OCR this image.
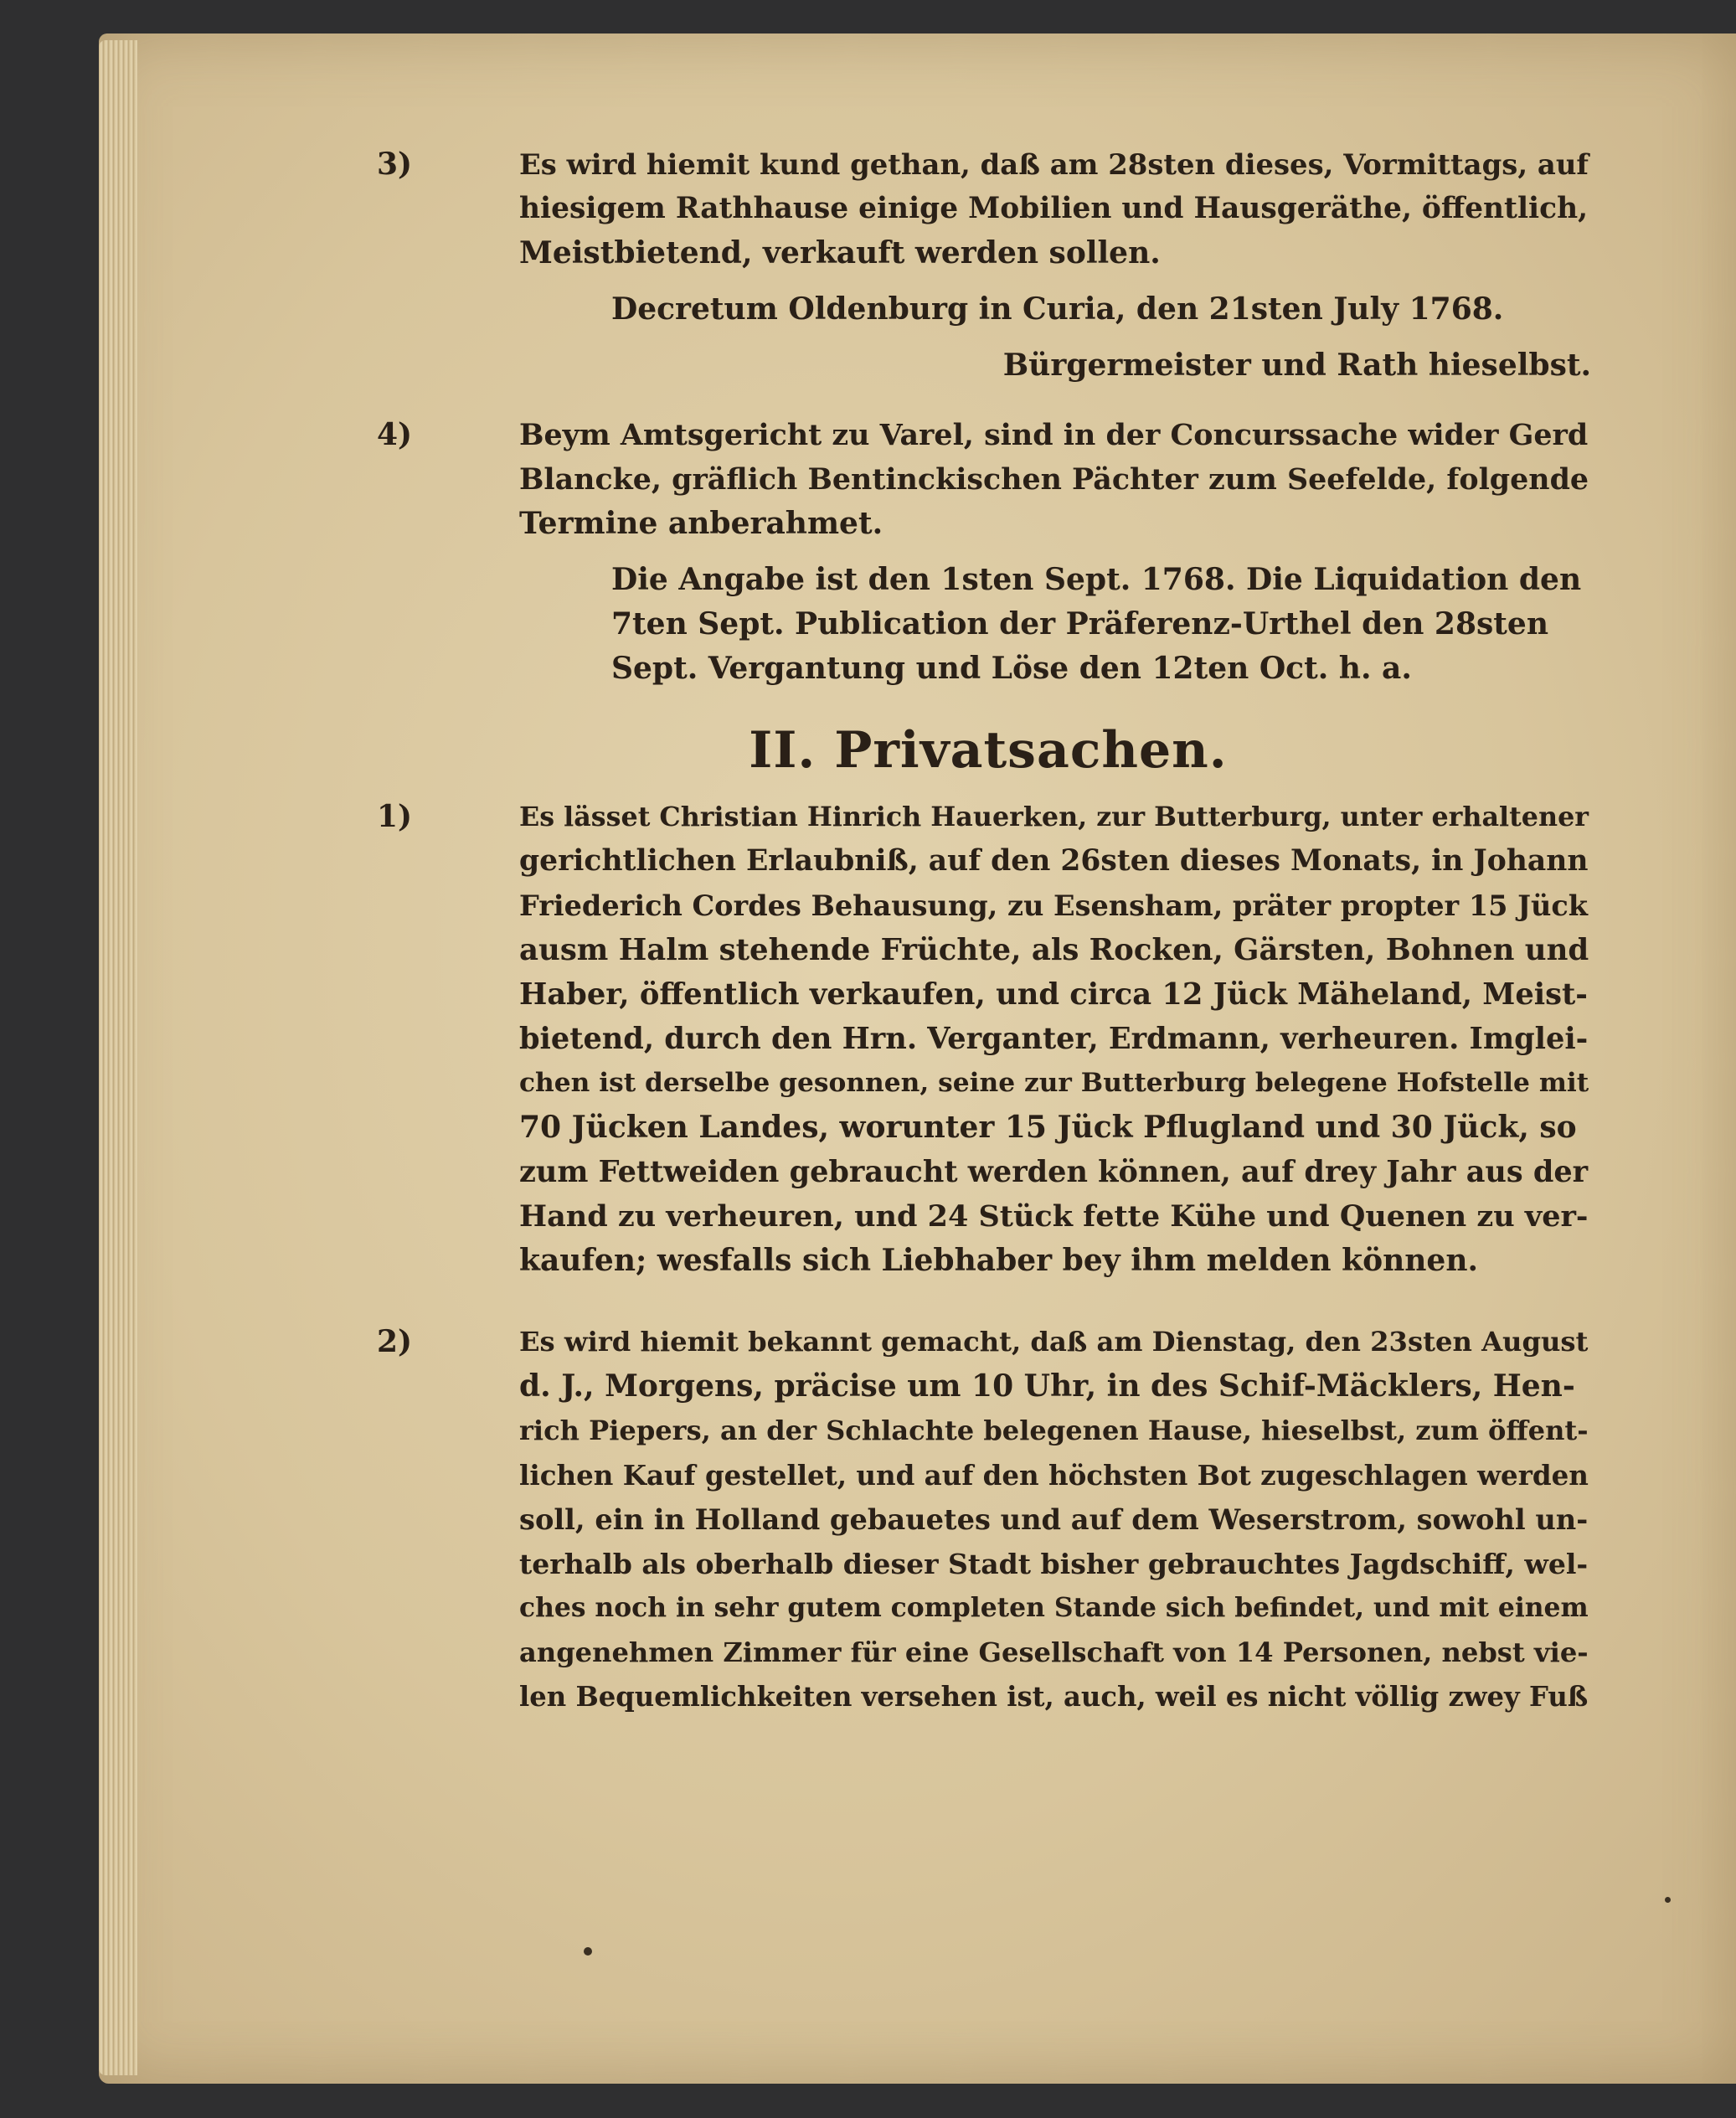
3)	Es wird hiemit kund gethan, daß am 28sten dieses, Vormittags, auf
hiesigem Rathhause einige Mobilien und Hausgeräthe, öffentlich,
Meistbietend, verkauft werden sollen.
Decretum Oldenburg in Curia, den 21sten July 1768.
Bürgermeister und Rath hieselbst.
4)	Beym Amtsgericht zu Varel, sind in der Concurssache wider Gerd
Blancke, gräflich Bentinckischen Pächter zum Seefelde, folgende
Termine anberahmet.
Die Angabe ist den 1sten Sept. 1768. Die Liquidation den
7ten Sept. Publication der Präferenz-Urthel den 28sten
Sept. Vergantung und Löse den 12ten Oct. h. a.
II. Privatsachen.
1)	Es lässet Christian Hinrich Hauerken, zur Butterburg, unter erhaltener
gerichtlichen Erlaubniß, auf den 26sten dieses Monats, in Johann
Friederich Cordes Behausung, zu Esensham, präter propter 15 Jück
ausm Halm stehende Früchte, als Rocken, Gärsten, Bohnen und
Haber, öffentlich verkaufen, und circa 12 Jück Mäheland, Meist-
bietend, durch den Hrn. Verganter, Erdmann, verheuren. Imglei-
chen ist derselbe gesonnen, seine zur Butterburg belegene Hofstelle mit
70 Jücken Landes, worunter 15 Jück Pflugland und 30 Jück, so
zum Fettweiden gebraucht werden können, auf drey Jahr aus der
Hand zu verheuren, und 24 Stück fette Kühe und Quenen zu ver-
kaufen; wesfalls sich Liebhaber bey ihm melden können.
2)	Es wird hiemit bekannt gemacht, daß am Dienstag, den 23sten August
d. J., Morgens, präcise um 10 Uhr, in des Schif-Mäcklers, Hen-
rich Piepers, an der Schlachte belegenen Hause, hieselbst, zum öffent-
lichen Kauf gestellet, und auf den höchsten Bot zugeschlagen werden
soll, ein in Holland gebauetes und auf dem Weserstrom, sowohl un-
terhalb als oberhalb dieser Stadt bisher gebrauchtes Jagdschiff, wel-
ches noch in sehr gutem completen Stande sich befindet, und mit einem
angenehmen Zimmer für eine Gesellschaft von 14 Personen, nebst vie-
len Bequemlichkeiten versehen ist, auch, weil es nicht völlig zwey Fuß
